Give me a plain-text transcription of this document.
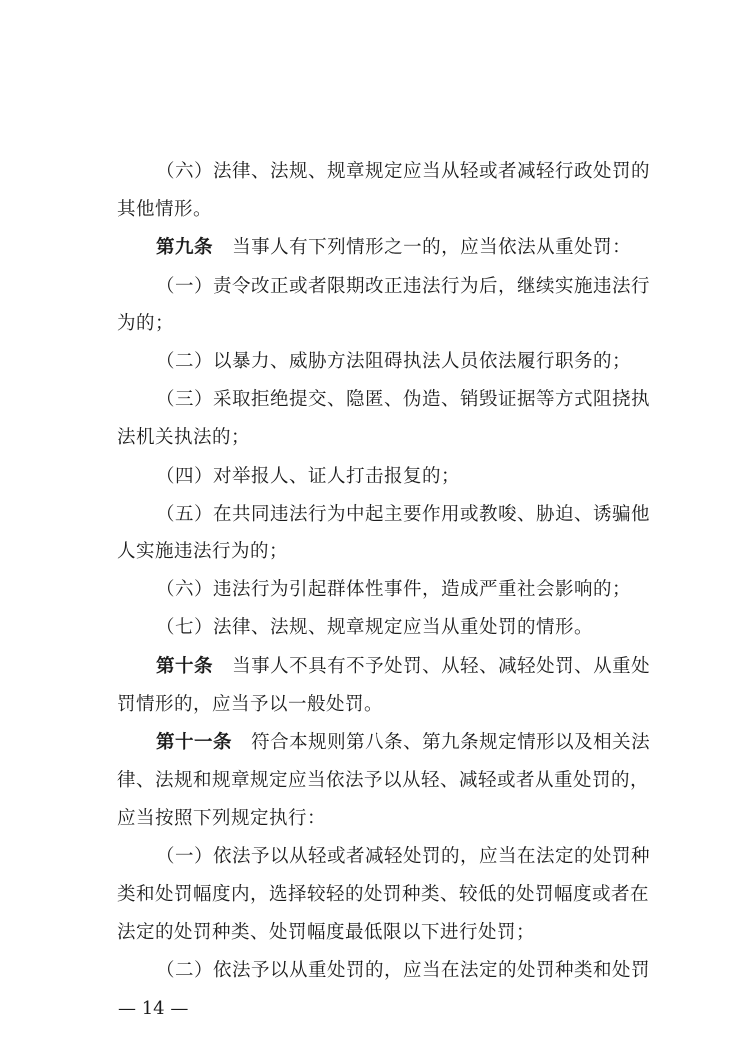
（六）法律、法规、规章规定应当从轻或者减轻行政处罚的
其他情形。
第九条 当事人有下列情形之一的，应当依法从重处罚：
（一）责令改正或者限期改正违法行为后，继续实施违法行
为的；
（二）以暴力、威胁方法阻碍执法人员依法履行职务的；
（三）采取拒绝提交、隐匿、伪造、销毁证据等方式阻挠执
法机关执法的；
（四）对举报人、证人打击报复的；
（五）在共同违法行为中起主要作用或教唆、胁迫、诱骗他
人实施违法行为的；
（六）违法行为引起群体性事件，造成严重社会影响的；
（七）法律、法规、规章规定应当从重处罚的情形。
第十条 当事人不具有不予处罚、从轻、减轻处罚、从重处
罚情形的，应当予以一般处罚。
第十一条 符合本规则第八条、第九条规定情形以及相关法
律、法规和规章规定应当依法予以从轻、减轻或者从重处罚的，
应当按照下列规定执行：
（一）依法予以从轻或者减轻处罚的，应当在法定的处罚种
类和处罚幅度内，选择较轻的处罚种类、较低的处罚幅度或者在
法定的处罚种类、处罚幅度最低限以下进行处罚；
（二）依法予以从重处罚的，应当在法定的处罚种类和处罚
— 14 —
